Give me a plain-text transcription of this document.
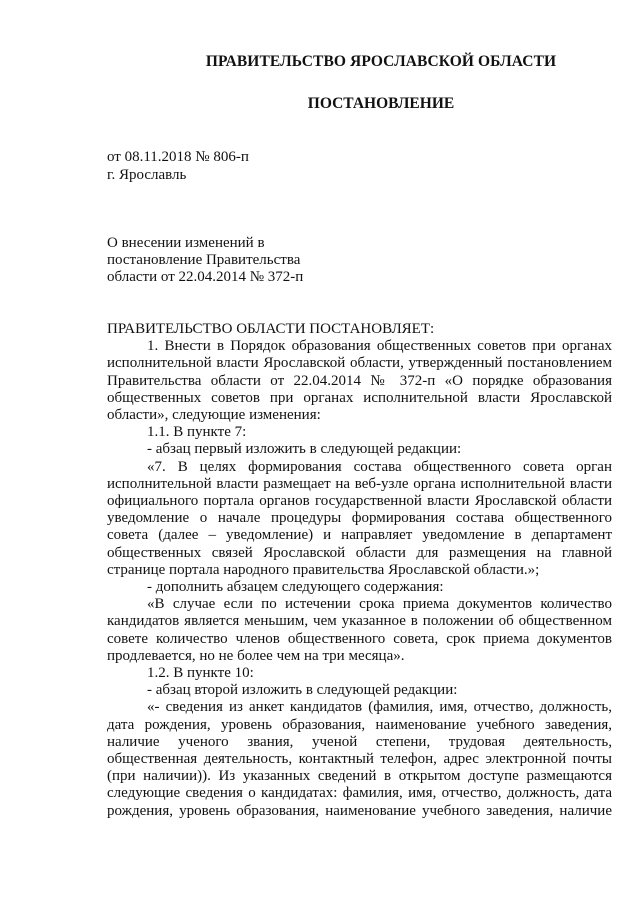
ПРАВИТЕЛЬСТВО ЯРОСЛАВСКОЙ ОБЛАСТИ
ПОСТАНОВЛЕНИЕ
от 08.11.2018 № 806-п
г. Ярославль
О внесении изменений в
постановление Правительства
области от 22.04.2014 № 372-п

ПРАВИТЕЛЬСТВО ОБЛАСТИ ПОСТАНОВЛЯЕТ:

1. Внести в Порядок образования общественных советов при органах исполнительной власти Ярославской области, утвержденный постановлением Правительства области от 22.04.2014 № 372-п «О порядке образования общественных советов при органах исполнительной власти Ярославской области», следующие изменения:

1.1. В пункте 7:

- абзац первый изложить в следующей редакции:

«7. В целях формирования состава общественного совета орган исполнительной власти размещает на веб-узле органа исполнительной власти официального портала органов государственной власти Ярославской области уведомление о начале процедуры формирования состава общественного совета (далее – уведомление) и направляет уведомление в департамент общественных связей Ярославской области для размещения на главной странице портала народного правительства Ярославской области.»;

- дополнить абзацем следующего содержания:

«В случае если по истечении срока приема документов количество кандидатов является меньшим, чем указанное в положении об общественном совете количество членов общественного совета, срок приема документов продлевается, но не более чем на три месяца».

1.2. В пункте 10:

- абзац второй изложить в следующей редакции:

«- сведения из анкет кандидатов (фамилия, имя, отчество, должность, дата рождения, уровень образования, наименование учебного заведения, наличие ученого звания, ученой степени, трудовая деятельность, общественная деятельность, контактный телефон, адрес электронной почты (при наличии)). Из указанных сведений в открытом доступе размещаются следующие сведения о кандидатах: фамилия, имя, отчество, должность, дата рождения, уровень образования, наименование учебного заведения, наличие
